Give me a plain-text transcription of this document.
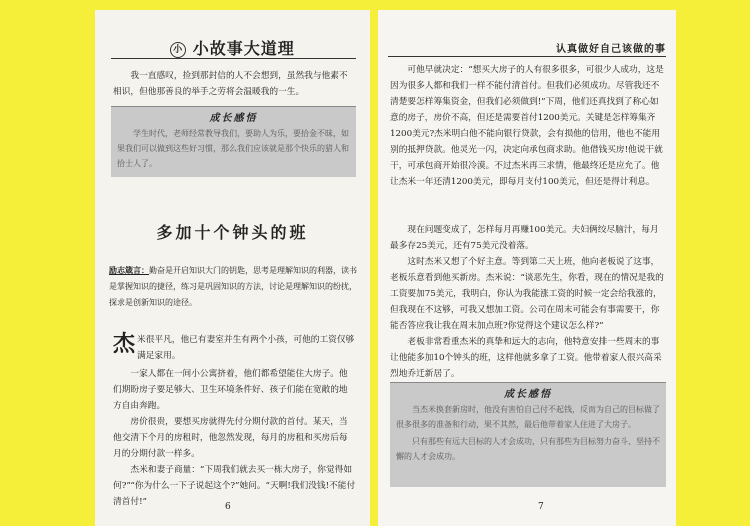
小 小故事大道理
我一直感叹，捡到那封信的人不会想到，虽然我与他素不相识，但他那善良的举手之劳将会温暖我的一生。
成长感悟
学生时代，老师经常教导我们，要助人为乐，要拾金不昧，如果我们可以做到这些好习惯，那么我们应该就是那个快乐的猎人和拾士人了。
多加十个钟头的班
励志箴言：勤奋是开启知识大门的钥匙，思考是理解知识的利器，读书是掌握知识的捷径，练习是巩固知识的方法，讨论是理解知识的纷扰，探求是创新知识的途径。
杰米很平凡，他已有妻室并生有两个小孩，可他的工资仅够满足家用。
一家人都在一间小公寓挤着，他们都希望能住大房子。他们期盼房子要足够大、卫生环境条件好、孩子们能在宽敞的地方自由奔跑。
房价很贵，要想买房就得先付分期付款的首付。某天，当他交清下个月的房租时，他忽然发现，每月的房租和买房后每月的分期付款一样多。
杰米和妻子商量：“下周我们就去买一栋大房子，你觉得如何?” “你为什么一下子说起这个?”她问。“天啊!我们没钱!不能付清首付!”	6
认真做好自己该做的事
可他早就决定：“想买大房子的人有很多很多，可很少人成功，这是因为很多人都和我们一样不能付清首付。但我们必须成功。尽管我还不清楚要怎样筹集资金，但我们必须做到!”下周，他们还真找到了称心如意的房子，房价不高，但还是需要首付1200美元。关键是怎样筹集齐1200美元?杰米明白他不能向银行贷款，会有损他的信用，他也不能用别的抵押贷款。他灵光一闪，决定向承包商求助。他借钱买房!他说干就干，可承包商开始很冷漠。不过杰米再三求情，他最终还是应允了。他让杰米一年还清1200美元，即每月支付100美元，但还是得计利息。
现在问题变成了，怎样每月再赚100美元。夫妇俩绞尽脑汁，每月最多存25美元，还有75美元没着落。
这时杰米又想了个好主意。等到第二天上班，他向老板说了这事，老板乐意看到他买新房。杰米说：“谈恶先生，你看，现在的情况是我的工资要加75美元，我明白，你认为我能涨工资的时候一定会给我涨的，但我现在不这够，可我又想加工资。公司在周末可能会有事需要干，你能否答应我让我在周末加点班?你觉得这个建议怎么样?”
老板非常看重杰米的真挚和远大的志向，他特意安排一些周末的事让他能多加10个钟头的班，这样他就多拿了工资。他带着家人很兴高采烈地乔迁新居了。
成长感悟
当杰米换套新房时，他没有害怕自己付不起钱，反而为自己的目标做了很多很多的准备和行动，果不其然，最后他带着家人住进了大房子。
只有那些有远大目标的人才会成功，只有那些为目标努力奋斗、坚持不懈的人才会成功。
7
